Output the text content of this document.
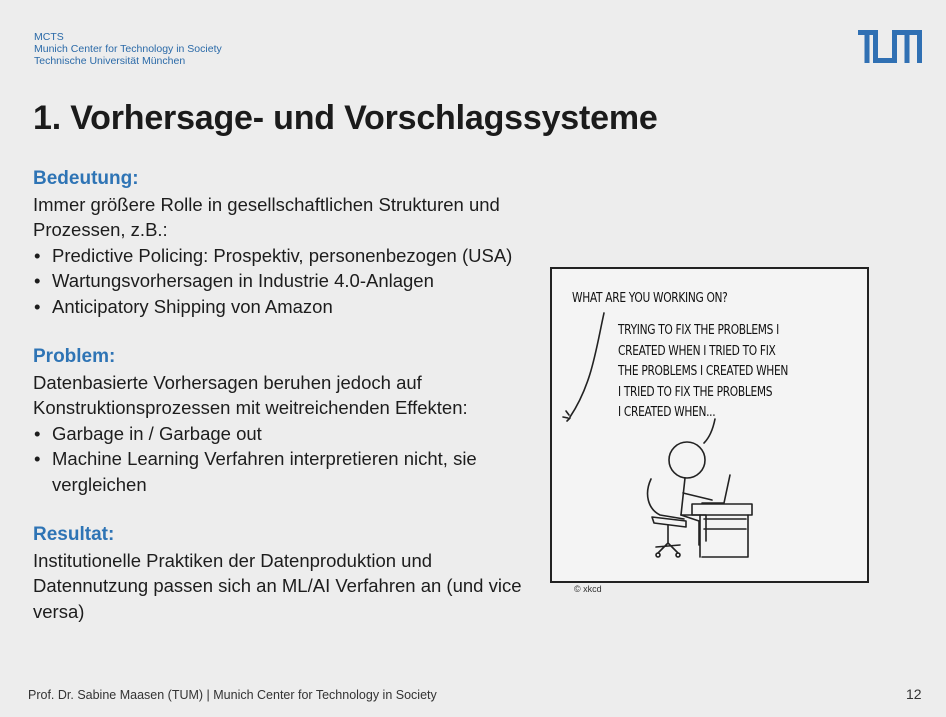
MCTS
Munich Center for Technology in Society
Technische Universität München
1. Vorhersage- und Vorschlagssysteme
Bedeutung:
Immer größere Rolle in gesellschaftlichen Strukturen und Prozessen, z.B.:
• Predictive Policing: Prospektiv, personenbezogen (USA)
• Wartungsvorhersagen in Industrie 4.0-Anlagen
• Anticipatory Shipping von Amazon
Problem:
Datenbasierte Vorhersagen beruhen jedoch auf Konstruktionsprozessen mit weitreichenden Effekten:
• Garbage in / Garbage out
• Machine Learning Verfahren interpretieren nicht, sie vergleichen
Resultat:
Institutionelle Praktiken der Datenproduktion und Datennutzung passen sich an ML/AI Verfahren an (und vice versa)
WHAT ARE YOU WORKING ON?
TRYING TO FIX THE PROBLEMS I
CREATED WHEN I TRIED TO FIX
THE PROBLEMS I CREATED WHEN
I TRIED TO FIX THE PROBLEMS
I CREATED WHEN...
© xkcd
Prof. Dr. Sabine Maasen (TUM) | Munich Center for Technology in Society	12
